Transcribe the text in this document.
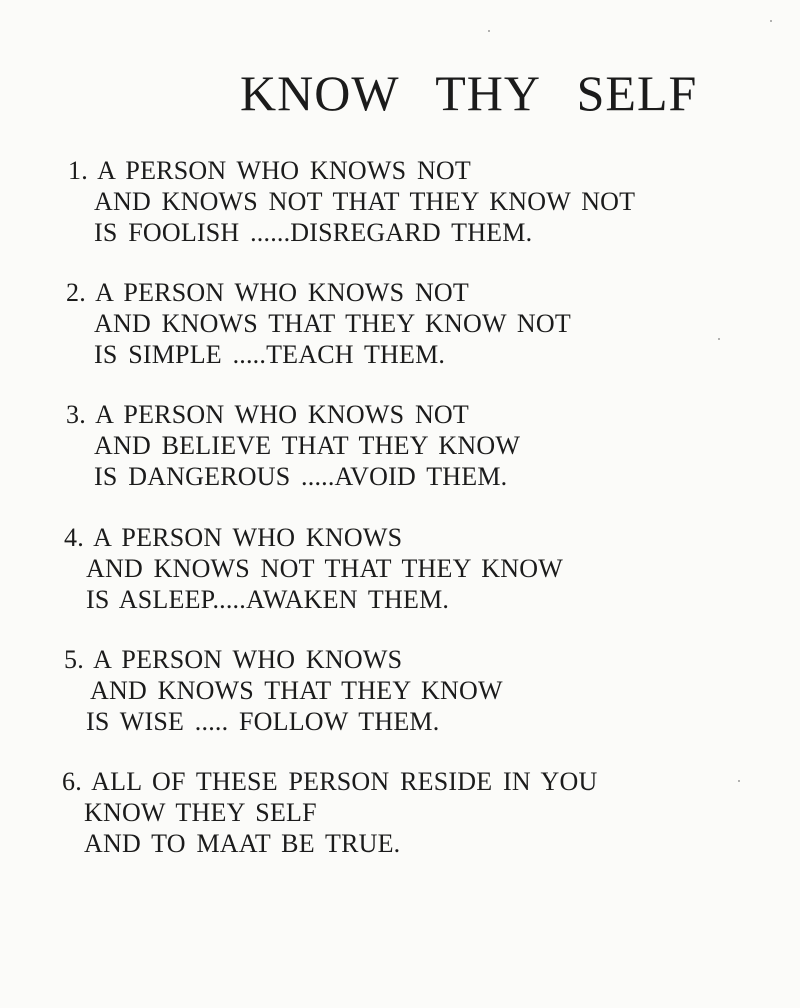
KNOW THY SELF
1. A PERSON WHO KNOWS NOT
AND KNOWS NOT THAT THEY KNOW NOT
IS FOOLISH ......DISREGARD THEM.
2. A PERSON WHO KNOWS NOT
AND KNOWS THAT THEY KNOW NOT
IS SIMPLE .....TEACH THEM.
3. A PERSON WHO KNOWS NOT
AND BELIEVE THAT THEY KNOW
IS DANGEROUS .....AVOID THEM.
4. A PERSON WHO KNOWS
AND KNOWS NOT THAT THEY KNOW
IS ASLEEP.....AWAKEN THEM.
5. A PERSON WHO KNOWS
AND KNOWS THAT THEY KNOW
IS WISE ..... FOLLOW THEM.
6. ALL OF THESE PERSON RESIDE IN YOU
KNOW THEY SELF
AND TO MAAT BE TRUE.
